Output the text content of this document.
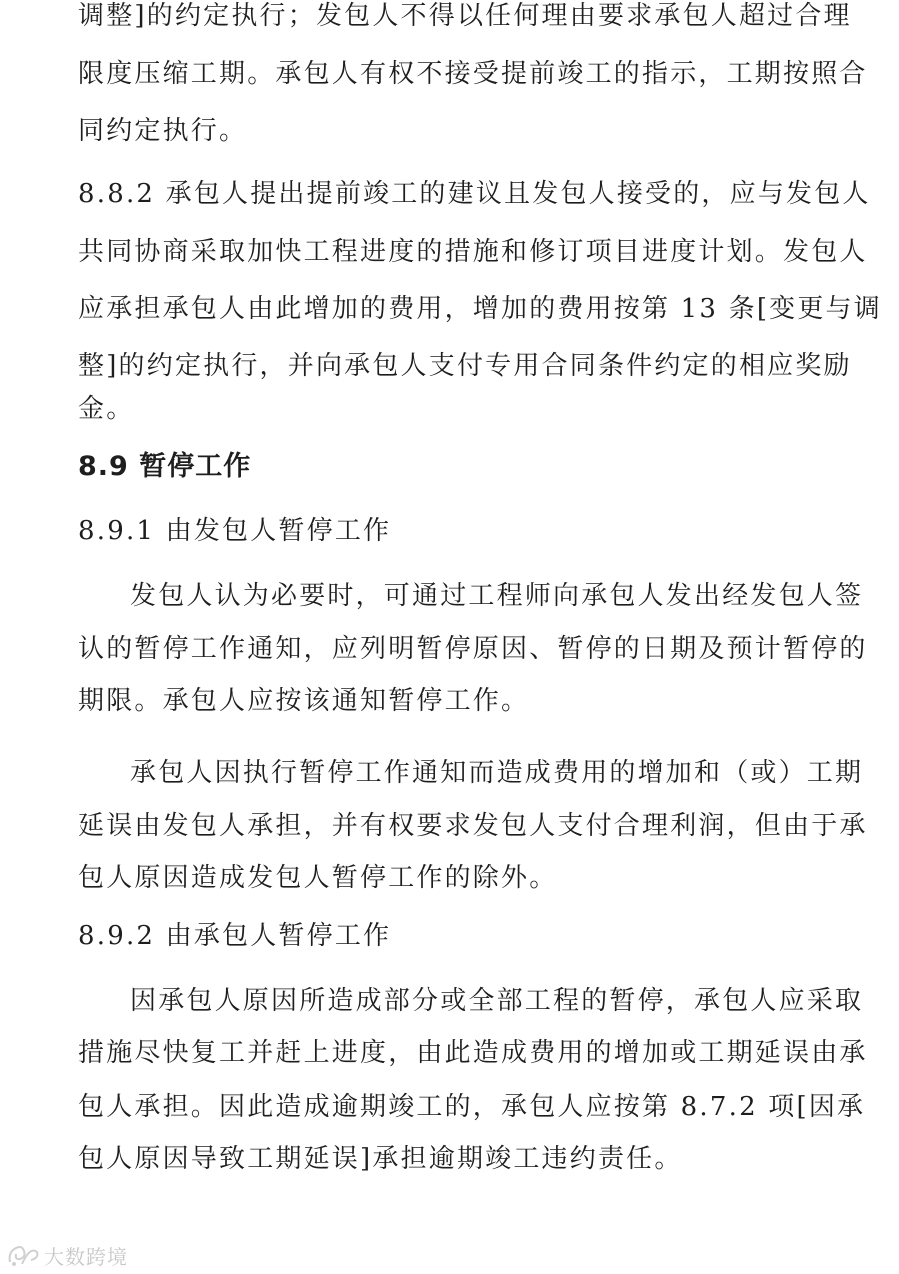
调整]的约定执行；发包人不得以任何理由要求承包人超过合理
限度压缩工期。承包人有权不接受提前竣工的指示，工期按照合
同约定执行。
8.8.2 承包人提出提前竣工的建议且发包人接受的，应与发包人
共同协商采取加快工程进度的措施和修订项目进度计划。发包人
应承担承包人由此增加的费用，增加的费用按第 13 条[变更与调
整]的约定执行，并向承包人支付专用合同条件约定的相应奖励
金。
8.9 暂停工作
8.9.1 由发包人暂停工作
发包人认为必要时，可通过工程师向承包人发出经发包人签
认的暂停工作通知，应列明暂停原因、暂停的日期及预计暂停的
期限。承包人应按该通知暂停工作。
承包人因执行暂停工作通知而造成费用的增加和（或）工期
延误由发包人承担，并有权要求发包人支付合理利润，但由于承
包人原因造成发包人暂停工作的除外。
8.9.2 由承包人暂停工作
因承包人原因所造成部分或全部工程的暂停，承包人应采取
措施尽快复工并赶上进度，由此造成费用的增加或工期延误由承
包人承担。因此造成逾期竣工的，承包人应按第 8.7.2 项[因承
包人原因导致工期延误]承担逾期竣工违约责任。
大数跨境
